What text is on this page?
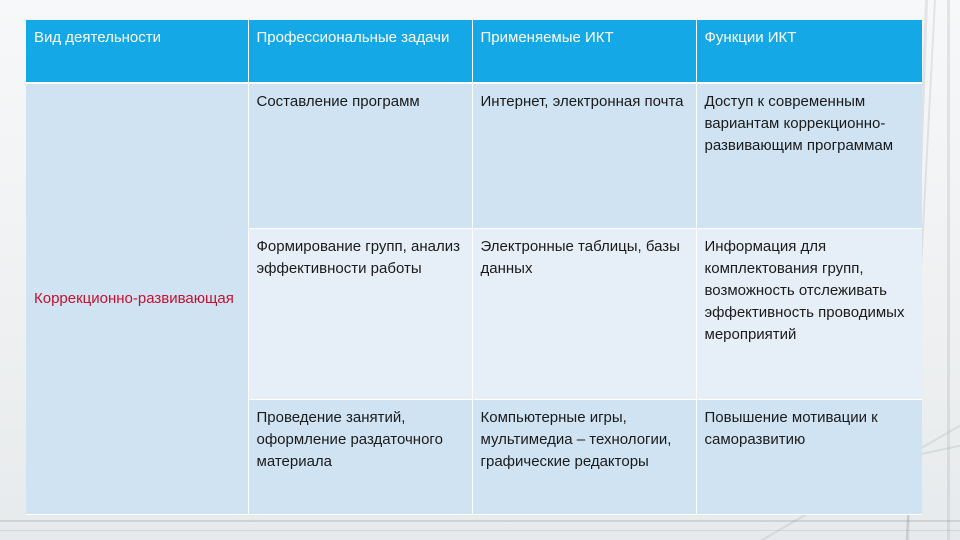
Вид деятельности	Профессиональные задачи	Применяемые ИКТ	Функции ИКТ
Коррекционно-развивающая	Составление программ	Интернет, электронная почта	Доступ к современным вариантам коррекционно-развивающим программам
	Формирование групп, анализ эффективности работы	Электронные таблицы, базы данных	Информация для комплектования групп, возможность отслеживать эффективность проводимых мероприятий
	Проведение занятий, оформление раздаточного материала	Компьютерные игры, мультимедиа – технологии, графические редакторы	Повышение мотивации к саморазвитию
